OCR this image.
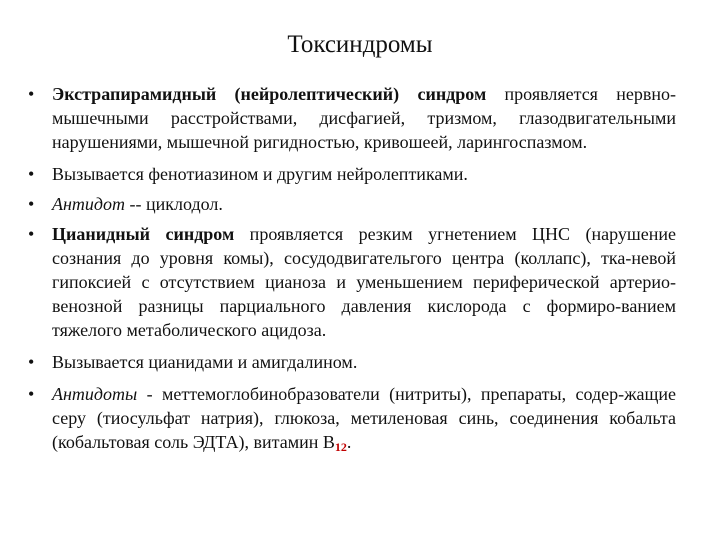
Токсиндромы
• Экстрапирамидный (нейролептический) синдром проявляется нервно-мышечными расстройствами, дисфагией, тризмом, глазодвигательными нарушениями, мышечной ригидностью, кривошеей, ларингоспазмом.
• Вызывается фенотиазином и другим нейролептиками.
• Антидот -- циклодол.
• Цианидный синдром проявляется резким угнетением ЦНС (нарушение сознания до уровня комы), сосудодвигательгого центра (коллапс), тка-невой гипоксией с отсутствием цианоза и уменьшением периферической артерио-венозной разницы парциального давления кислорода с формиро-ванием тяжелого метаболического ацидоза.
• Вызывается цианидами и амигдалином.
• Антидоты - меттемоглобинобразователи (нитриты), препараты, содер-жащие серу (тиосульфат натрия), глюкоза, метиленовая синь, соединения кобальта (кобальтовая соль ЭДТА), витамин $В_{12}$.
